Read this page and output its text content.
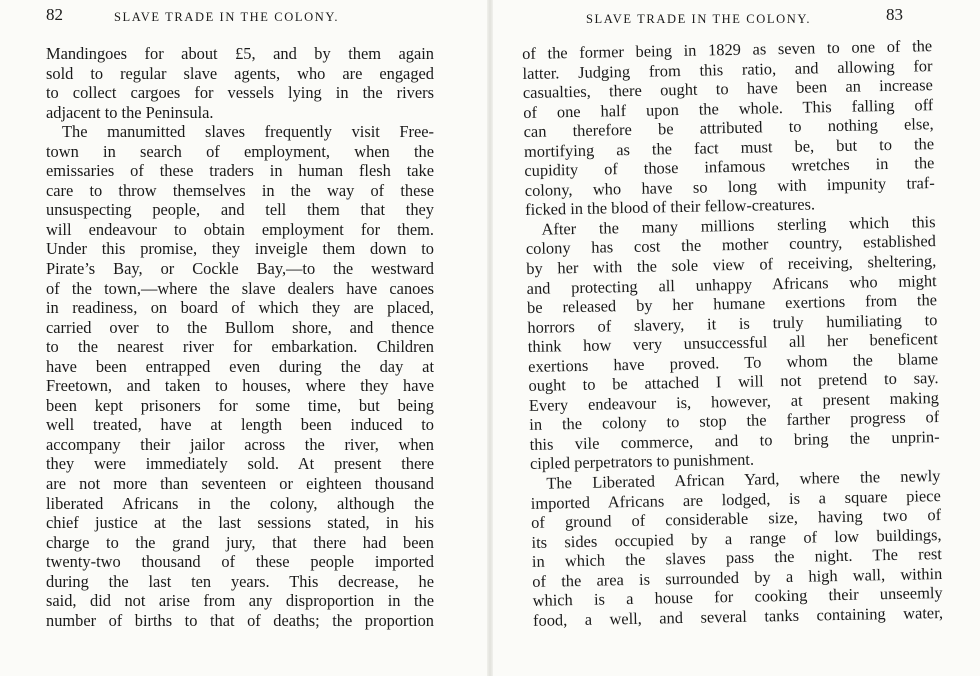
82	SLAVE TRADE IN THE COLONY.
Mandingoes for about £5, and by them again
sold to regular slave agents, who are engaged
to collect cargoes for vessels lying in the rivers
adjacent to the Peninsula.
The manumitted slaves frequently visit Free-
town in search of employment, when the
emissaries of these traders in human flesh take
care to throw themselves in the way of these
unsuspecting people, and tell them that they
will endeavour to obtain employment for them.
Under this promise, they inveigle them down to
Pirate’s Bay, or Cockle Bay,—to the westward
of the town,—where the slave dealers have canoes
in readiness, on board of which they are placed,
carried over to the Bullom shore, and thence
to the nearest river for embarkation. Children
have been entrapped even during the day at
Freetown, and taken to houses, where they have
been kept prisoners for some time, but being
well treated, have at length been induced to
accompany their jailor across the river, when
they were immediately sold. At present there
are not more than seventeen or eighteen thousand
liberated Africans in the colony, although the
chief justice at the last sessions stated, in his
charge to the grand jury, that there had been
twenty-two thousand of these people imported
during the last ten years. This decrease, he
said, did not arise from any disproportion in the
number of births to that of deaths; the proportion
SLAVE TRADE IN THE COLONY.	83
of the former being in 1829 as seven to one of the
latter. Judging from this ratio, and allowing for
casualties, there ought to have been an increase
of one half upon the whole. This falling off
can therefore be attributed to nothing else,
mortifying as the fact must be, but to the
cupidity of those infamous wretches in the
colony, who have so long with impunity traf-
ficked in the blood of their fellow-creatures.
After the many millions sterling which this
colony has cost the mother country, established
by her with the sole view of receiving, sheltering,
and protecting all unhappy Africans who might
be released by her humane exertions from the
horrors of slavery, it is truly humiliating to
think how very unsuccessful all her beneficent
exertions have proved. To whom the blame
ought to be attached I will not pretend to say.
Every endeavour is, however, at present making
in the colony to stop the farther progress of
this vile commerce, and to bring the unprin-
cipled perpetrators to punishment.
The Liberated African Yard, where the newly
imported Africans are lodged, is a square piece
of ground of considerable size, having two of
its sides occupied by a range of low buildings,
in which the slaves pass the night. The rest
of the area is surrounded by a high wall, within
which is a house for cooking their unseemly
food, a well, and several tanks containing water,
